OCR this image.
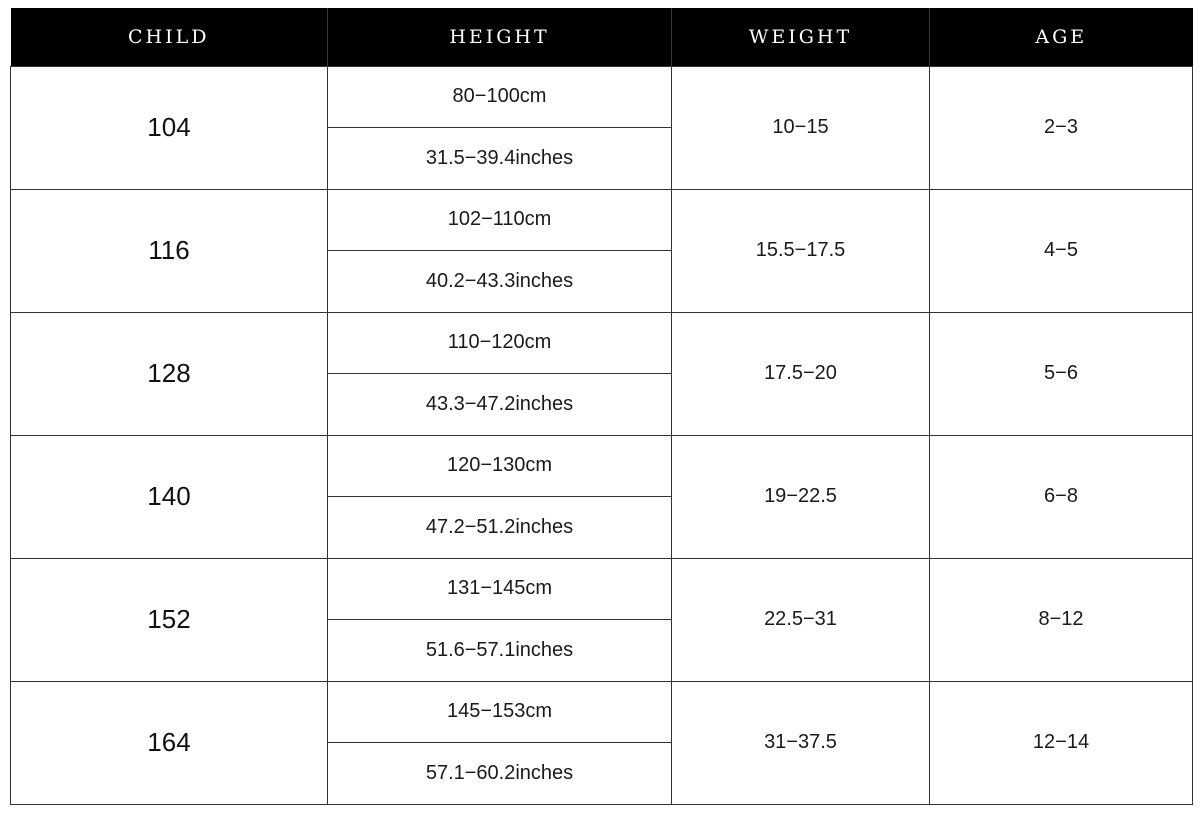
CHILD	HEIGHT	WEIGHT	AGE
104	80−100cm	10−15	2−3
	31.5−39.4inches		
116	102−110cm	15.5−17.5	4−5
	40.2−43.3inches		
128	110−120cm	17.5−20	5−6
	43.3−47.2inches		
140	120−130cm	19−22.5	6−8
	47.2−51.2inches		
152	131−145cm	22.5−31	8−12
	51.6−57.1inches		
164	145−153cm	31−37.5	12−14
	57.1−60.2inches		
